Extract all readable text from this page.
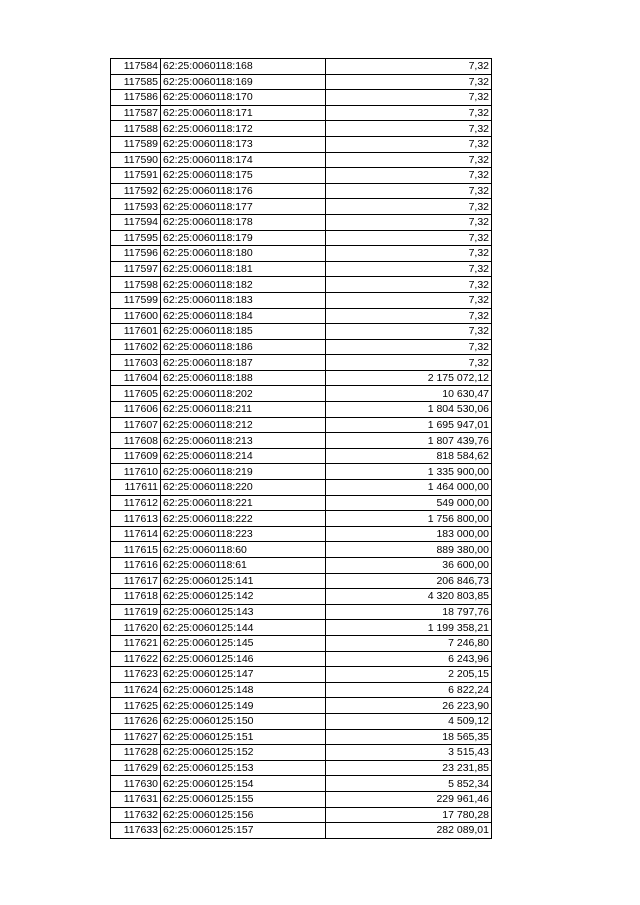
117584	62:25:0060118:168	7,32
117585	62:25:0060118:169	7,32
117586	62:25:0060118:170	7,32
117587	62:25:0060118:171	7,32
117588	62:25:0060118:172	7,32
117589	62:25:0060118:173	7,32
117590	62:25:0060118:174	7,32
117591	62:25:0060118:175	7,32
117592	62:25:0060118:176	7,32
117593	62:25:0060118:177	7,32
117594	62:25:0060118:178	7,32
117595	62:25:0060118:179	7,32
117596	62:25:0060118:180	7,32
117597	62:25:0060118:181	7,32
117598	62:25:0060118:182	7,32
117599	62:25:0060118:183	7,32
117600	62:25:0060118:184	7,32
117601	62:25:0060118:185	7,32
117602	62:25:0060118:186	7,32
117603	62:25:0060118:187	7,32
117604	62:25:0060118:188	2 175 072,12
117605	62:25:0060118:202	10 630,47
117606	62:25:0060118:211	1 804 530,06
117607	62:25:0060118:212	1 695 947,01
117608	62:25:0060118:213	1 807 439,76
117609	62:25:0060118:214	818 584,62
117610	62:25:0060118:219	1 335 900,00
117611	62:25:0060118:220	1 464 000,00
117612	62:25:0060118:221	549 000,00
117613	62:25:0060118:222	1 756 800,00
117614	62:25:0060118:223	183 000,00
117615	62:25:0060118:60	889 380,00
117616	62:25:0060118:61	36 600,00
117617	62:25:0060125:141	206 846,73
117618	62:25:0060125:142	4 320 803,85
117619	62:25:0060125:143	18 797,76
117620	62:25:0060125:144	1 199 358,21
117621	62:25:0060125:145	7 246,80
117622	62:25:0060125:146	6 243,96
117623	62:25:0060125:147	2 205,15
117624	62:25:0060125:148	6 822,24
117625	62:25:0060125:149	26 223,90
117626	62:25:0060125:150	4 509,12
117627	62:25:0060125:151	18 565,35
117628	62:25:0060125:152	3 515,43
117629	62:25:0060125:153	23 231,85
117630	62:25:0060125:154	5 852,34
117631	62:25:0060125:155	229 961,46
117632	62:25:0060125:156	17 780,28
117633	62:25:0060125:157	282 089,01
